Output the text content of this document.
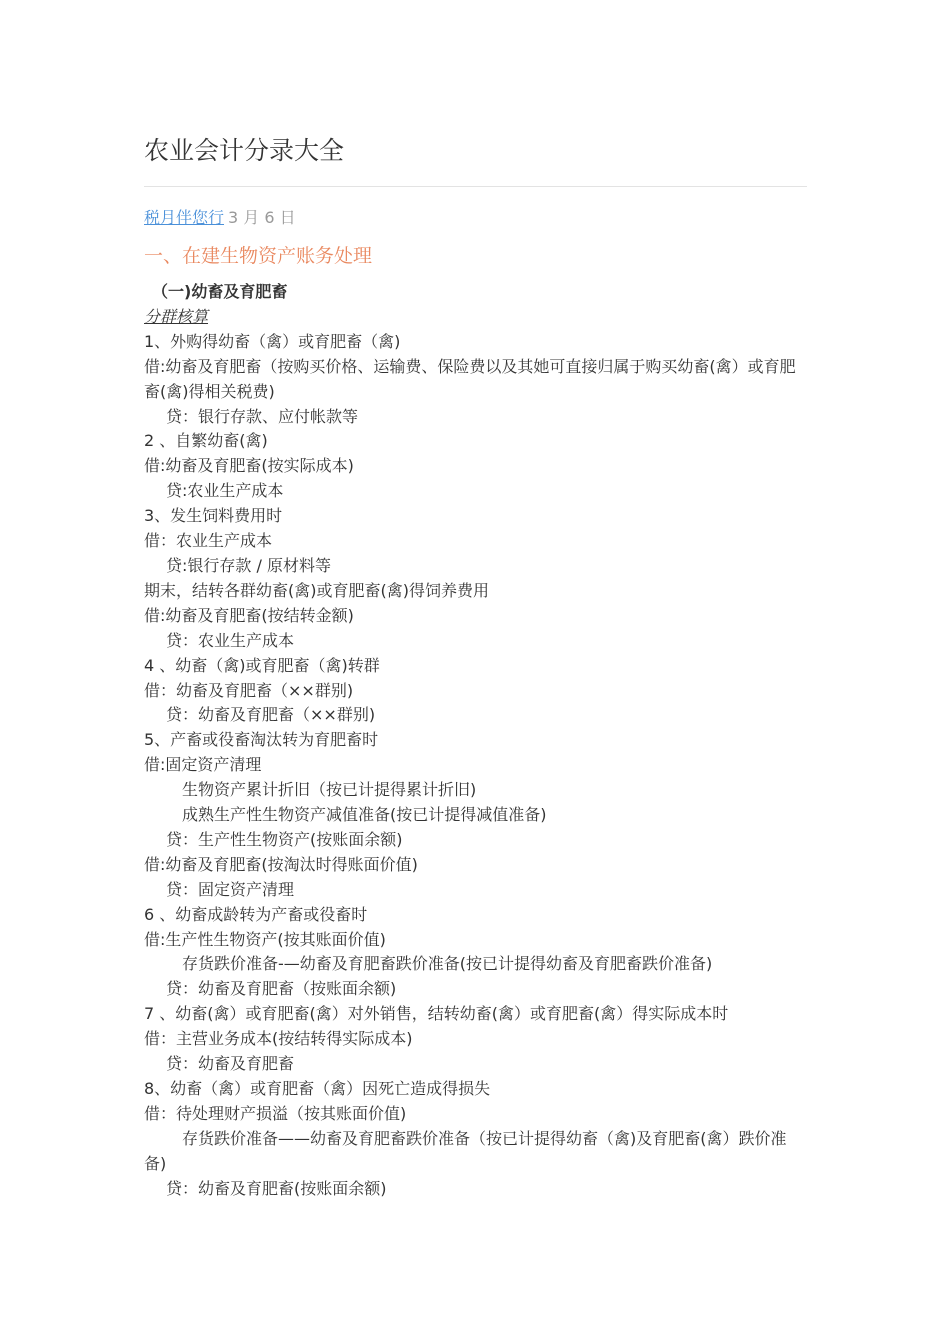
农业会计分录大全
税月伴您行 3 月 6 日
一、在建生物资产账务处理
（一)幼畜及育肥畜
分群核算
1、外购得幼畜（禽）或育肥畜（禽)
借:幼畜及育肥畜（按购买价格、运输费、保险费以及其她可直接归属于购买幼畜(禽）或育肥畜(禽)得相关税费)
贷：银行存款、应付帐款等
2 、自繁幼畜(禽)
借:幼畜及育肥畜(按实际成本)
贷:农业生产成本
3、发生饲料费用时
借：农业生产成本
贷:银行存款 / 原材料等
期末，结转各群幼畜(禽)或育肥畜(禽)得饲养费用
借:幼畜及育肥畜(按结转金额)
贷：农业生产成本
4 、幼畜（禽)或育肥畜（禽)转群
借：幼畜及育肥畜（××群别)
贷：幼畜及育肥畜（××群别)
5、产畜或役畜淘汰转为育肥畜时
借:固定资产清理
生物资产累计折旧（按已计提得累计折旧)
成熟生产性生物资产减值准备(按已计提得减值准备)
贷：生产性生物资产(按账面余额)
借:幼畜及育肥畜(按淘汰时得账面价值)
贷：固定资产清理
6 、幼畜成龄转为产畜或役畜时
借:生产性生物资产(按其账面价值)
存货跌价准备-—幼畜及育肥畜跌价准备(按已计提得幼畜及育肥畜跌价准备)
贷：幼畜及育肥畜（按账面余额)
7 、幼畜(禽）或育肥畜(禽）对外销售，结转幼畜(禽）或育肥畜(禽）得实际成本时
借：主营业务成本(按结转得实际成本)
贷：幼畜及育肥畜
8、幼畜（禽）或育肥畜（禽）因死亡造成得损失
借：待处理财产损溢（按其账面价值)
存货跌价准备——幼畜及育肥畜跌价准备（按已计提得幼畜（禽)及育肥畜(禽）跌价准备)
贷：幼畜及育肥畜(按账面余额)
